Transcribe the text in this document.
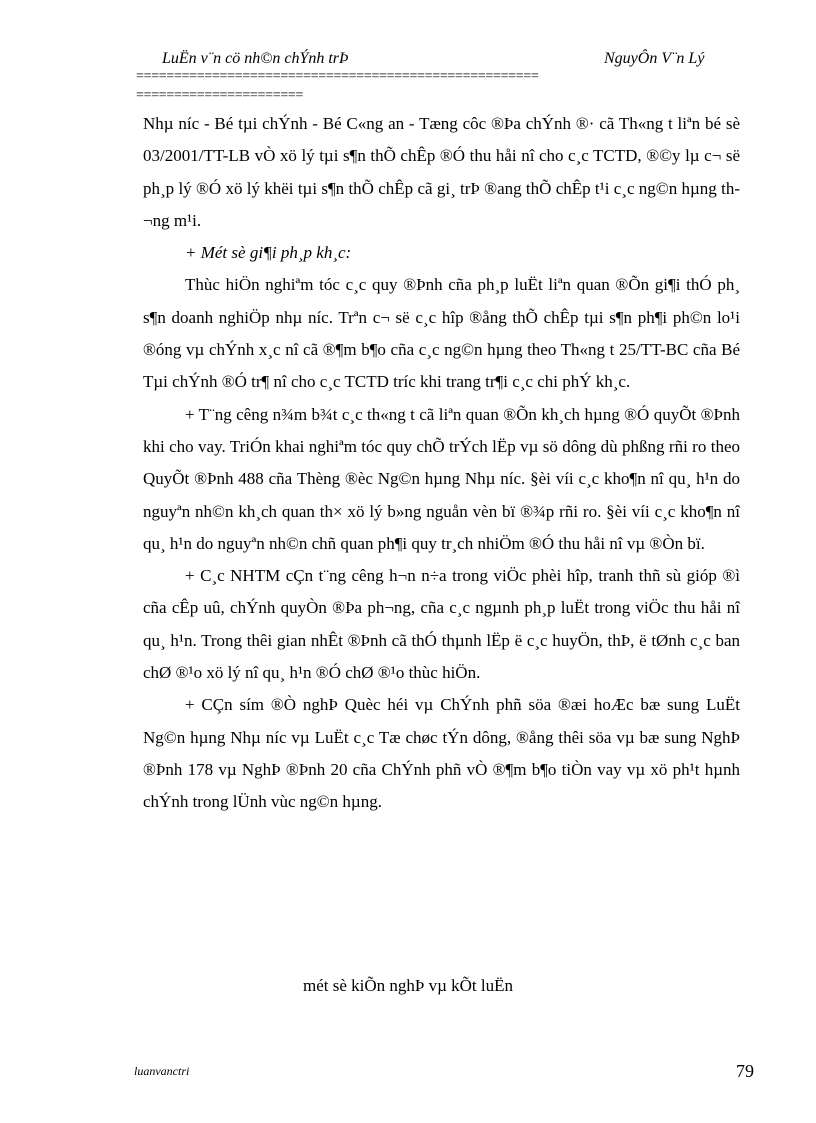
LuËn v¨n cö nh©n chÝnh trÞ	NguyÔn V¨n Lý
=====================================================
======================

Nhµ níc - Bé tµi chÝnh - Bé C«ng an - Tæng côc ®Þa chÝnh ®· cã Th«ng t liªn bé sè 03/2001/TT-LB vÒ xö lý tµi s¶n thÕ chÊp ®Ó thu håi nî cho c¸c TCTD, ®©y lµ c¬ së ph¸p lý ®Ó xö lý khëi tµi s¶n thÕ chÊp cã gi¸ trÞ ®ang thÕ chÊp t¹i c¸c ng©n hµng th¬ng m¹i.

+ Mét sè gi¶i ph¸p kh¸c:

Thùc hiÖn nghiªm tóc c¸c quy ®Þnh cña ph¸p luËt liªn quan ®Õn gi¶i thÓ ph¸ s¶n doanh nghiÖp nhµ níc. Trªn c¬ së c¸c hîp ®ång thÕ chÊp tµi s¶n ph¶i ph©n lo¹i ®óng vµ chÝnh x¸c nî cã ®¶m b¶o cña c¸c ng©n hµng theo Th«ng t 25/TT-BC cña Bé Tµi chÝnh ®Ó tr¶ nî cho c¸c TCTD tríc khi trang tr¶i c¸c chi phÝ kh¸c.

+ T¨ng cêng n¾m b¾t c¸c th«ng t cã liªn quan ®Õn kh¸ch hµng ®Ó quyÕt ®Þnh khi cho vay. TriÓn khai nghiªm tóc quy chÕ trÝch lËp vµ sö dông dù phßng rñi ro theo QuyÕt ®Þnh 488 cña Thèng ®èc Ng©n hµng Nhµ níc. §èi víi c¸c kho¶n nî qu¸ h¹n do nguyªn nh©n kh¸ch quan th× xö lý b»ng nguån vèn bï ®¾p rñi ro. §èi víi c¸c kho¶n nî qu¸ h¹n do nguyªn nh©n chñ quan ph¶i quy tr¸ch nhiÖm ®Ó thu håi nî vµ ®Òn bï.

+ C¸c NHTM cÇn t¨ng cêng h¬n n÷a trong viÖc phèi hîp, tranh thñ sù gióp ®ì cña cÊp uû, chÝnh quyÒn ®Þa ph¬ng, cña c¸c ngµnh ph¸p luËt trong viÖc thu håi nî qu¸ h¹n. Trong thêi gian nhÊt ®Þnh cã thÓ thµnh lËp ë c¸c huyÖn, thÞ, ë tØnh c¸c ban chØ ®¹o xö lý nî qu¸ h¹n ®Ó chØ ®¹o thùc hiÖn.

+ CÇn sím ®Ò nghÞ Quèc héi vµ ChÝnh phñ söa ®æi hoÆc bæ sung LuËt Ng©n hµng Nhµ níc vµ LuËt c¸c Tæ chøc tÝn dông, ®ång thêi söa vµ bæ sung NghÞ ®Þnh 178 vµ NghÞ ®Þnh 20 cña ChÝnh phñ vÒ ®¶m b¶o tiÒn vay vµ xö ph¹t hµnh chÝnh trong lÜnh vùc ng©n hµng.

mét sè kiÕn nghÞ vµ kÕt luËn
luanvanctri	79
